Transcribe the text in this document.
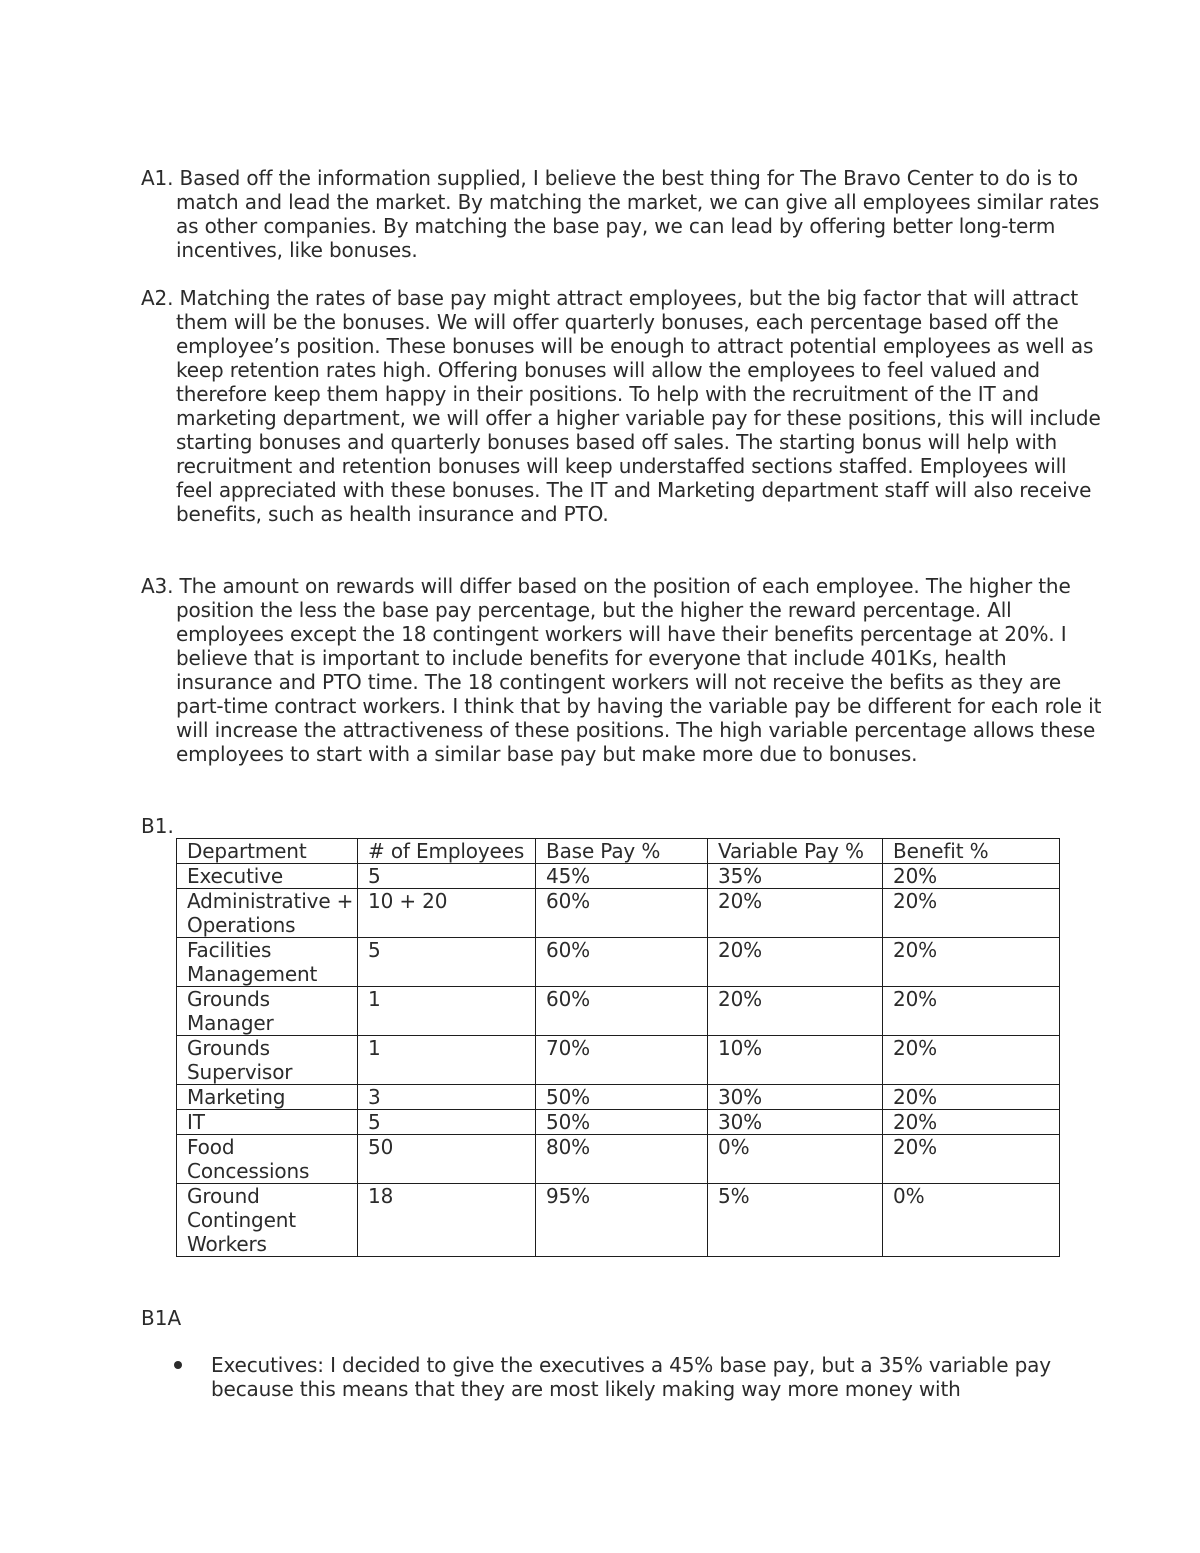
A1. Based off the information supplied, I believe the best thing for The Bravo Center to do is to match and lead the market. By matching the market, we can give all employees similar rates as other companies. By matching the base pay, we can lead by offering better long-term incentives, like bonuses.

A2. Matching the rates of base pay might attract employees, but the big factor that will attract them will be the bonuses. We will offer quarterly bonuses, each percentage based off the employee’s position. These bonuses will be enough to attract potential employees as well as keep retention rates high. Offering bonuses will allow the employees to feel valued and therefore keep them happy in their positions. To help with the recruitment of the IT and marketing department, we will offer a higher variable pay for these positions, this will include starting bonuses and quarterly bonuses based off sales. The starting bonus will help with recruitment and retention bonuses will keep understaffed sections staffed. Employees will feel appreciated with these bonuses. The IT and Marketing department staff will also receive benefits, such as health insurance and PTO.

A3. The amount on rewards will differ based on the position of each employee. The higher the position the less the base pay percentage, but the higher the reward percentage. All employees except the 18 contingent workers will have their benefits percentage at 20%. I believe that is important to include benefits for everyone that include 401Ks, health insurance and PTO time. The 18 contingent workers will not receive the befits as they are part-time contract workers. I think that by having the variable pay be different for each role it will increase the attractiveness of these positions. The high variable percentage allows these employees to start with a similar base pay but make more due to bonuses.

B1.

Department	# of Employees	Base Pay %	Variable Pay %	Benefit %
Executive	5	45%	35%	20%
Administrative + Operations	10 + 20	60%	20%	20%
Facilities Management	5	60%	20%	20%
Grounds Manager	1	60%	20%	20%
Grounds Supervisor	1	70%	10%	20%
Marketing	3	50%	30%	20%
IT	5	50%	30%	20%
Food Concessions	50	80%	0%	20%
Ground Contingent Workers	18	95%	5%	0%

B1A

Executives: I decided to give the executives a 45% base pay, but a 35% variable pay because this means that they are most likely making way more money with
